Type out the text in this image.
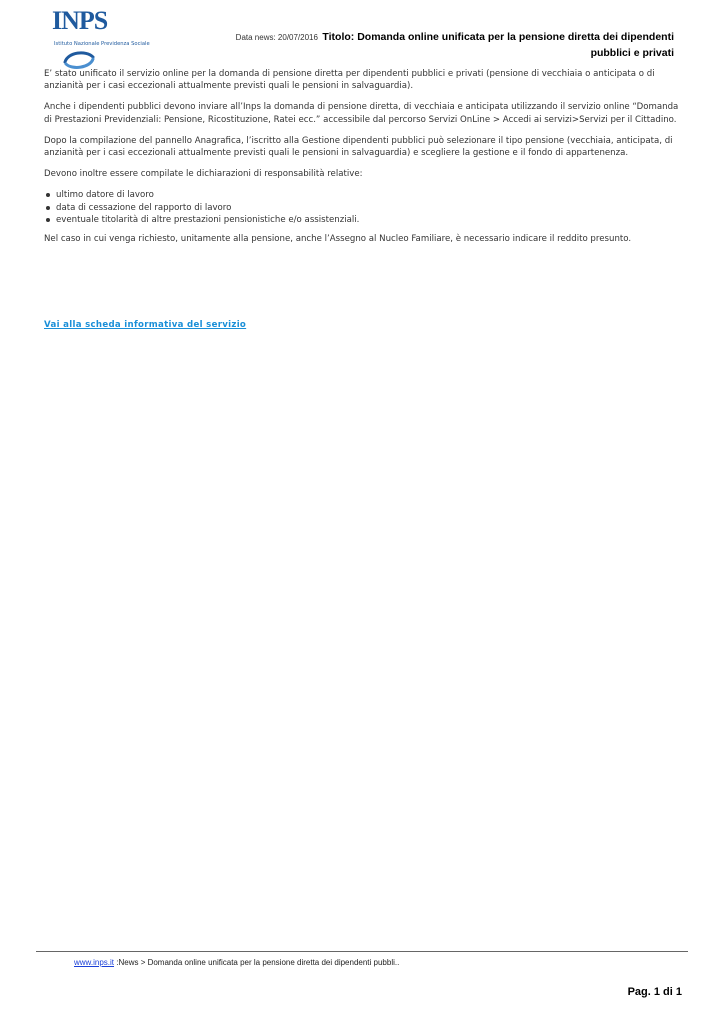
INPS
Istituto Nazionale Previdenza Sociale
Data news: 20/07/2016 Titolo: Domanda online unificata per la pensione diretta dei dipendenti
pubblici e privati

E’ stato unificato il servizio online per la domanda di pensione diretta per dipendenti pubblici e privati (pensione di vecchiaia o anticipata o di anzianità per i casi eccezionali attualmente previsti quali le pensioni in salvaguardia).

Anche i dipendenti pubblici devono inviare all’Inps la domanda di pensione diretta, di vecchiaia e anticipata utilizzando il servizio online “Domanda di Prestazioni Previdenziali: Pensione, Ricostituzione, Ratei ecc.” accessibile dal percorso Servizi OnLine > Accedi ai servizi>Servizi per il Cittadino.

Dopo la compilazione del pannello Anagrafica, l’iscritto alla Gestione dipendenti pubblici può selezionare il tipo pensione (vecchiaia, anticipata, di anzianità per i casi eccezionali attualmente previsti quali le pensioni in salvaguardia) e scegliere la gestione e il fondo di appartenenza.

Devono inoltre essere compilate le dichiarazioni di responsabilità relative:

ultimo datore di lavoro
data di cessazione del rapporto di lavoro
eventuale titolarità di altre prestazioni pensionistiche e/o assistenziali.

Nel caso in cui venga richiesto, unitamente alla pensione, anche l’Assegno al Nucleo Familiare, è necessario indicare il reddito presunto.

Vai alla scheda informativa del servizio
www.inps.it :News > Domanda online unificata per la pensione diretta dei dipendenti pubbli..
Pag. 1 di 1
